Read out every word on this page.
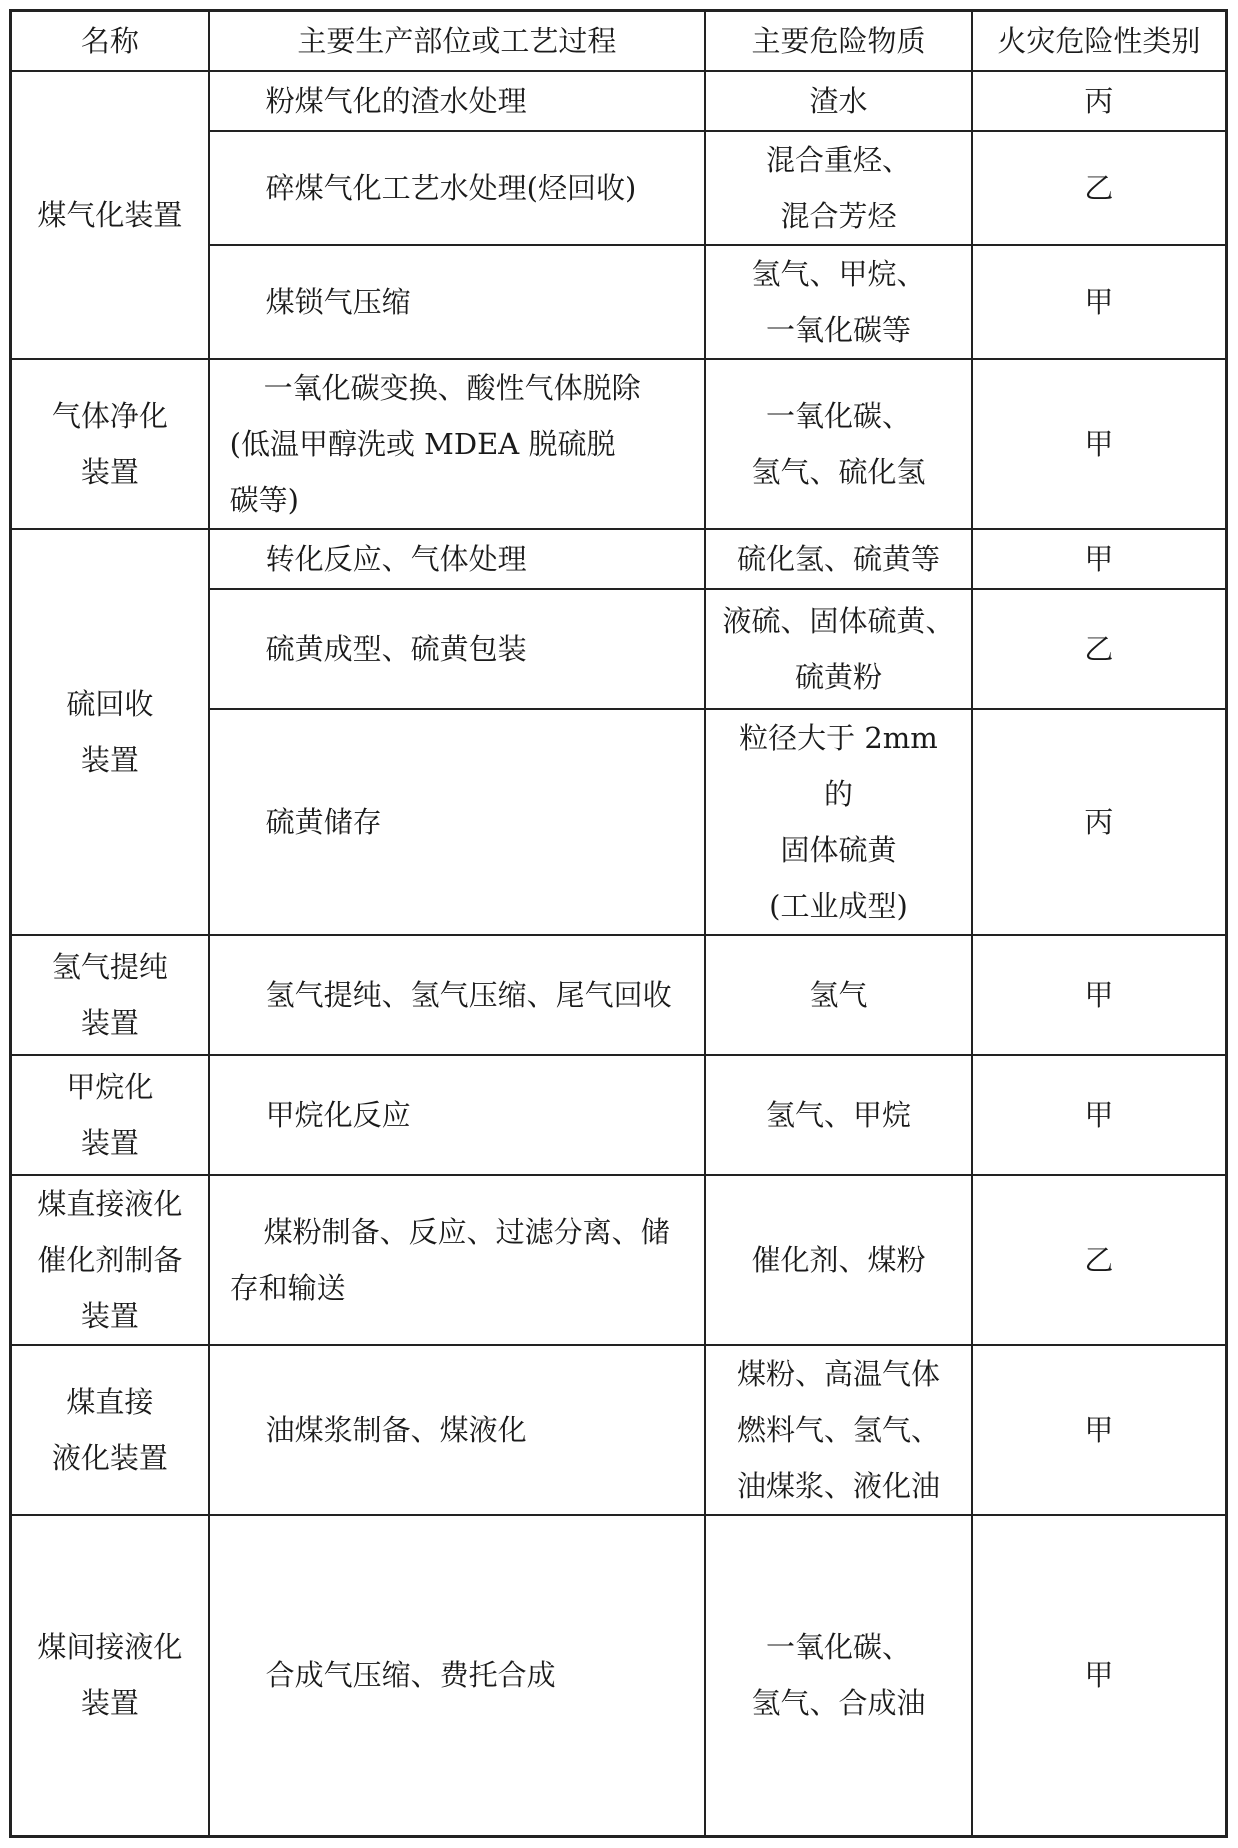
名称	主要生产部位或工艺过程	主要危险物质	火灾危险性类别

煤气化装置	粉煤气化的渣水处理	渣水	丙

	碎煤气化工艺水处理(烃回收)	混合重烃、
混合芳烃	乙

	煤锁气压缩	氢气、甲烷、
一氧化碳等	甲

气体净化
装置	一氧化碳变换、酸性气体脱除
(低温甲醇洗或 MDEA 脱硫脱
碳等)	一氧化碳、
氢气、硫化氢	甲

硫回收
装置	转化反应、气体处理	硫化氢、硫黄等	甲

	硫黄成型、硫黄包装	液硫、固体硫黄、
硫黄粉	乙

	硫黄储存	粒径大于 2mm 的
固体硫黄
(工业成型)	丙

氢气提纯
装置	氢气提纯、氢气压缩、尾气回收	氢气	甲

甲烷化
装置	甲烷化反应	氢气、甲烷	甲

煤直接液化
催化剂制备
装置	煤粉制备、反应、过滤分离、储
存和输送	催化剂、煤粉	乙

煤直接
液化装置	油煤浆制备、煤液化	煤粉、高温气体
燃料气、氢气、
油煤浆、液化油	甲

煤间接液化
装置	合成气压缩、费托合成	一氧化碳、
氢气、合成油	甲
